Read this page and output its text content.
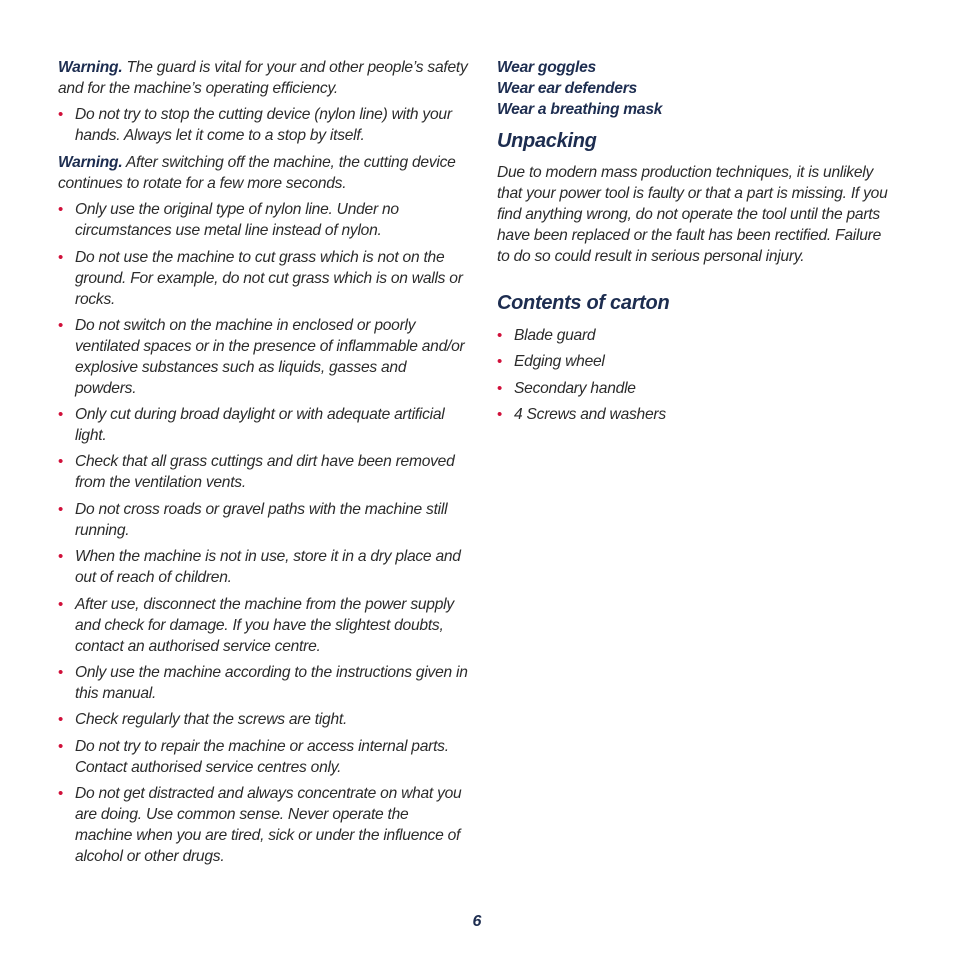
Warning. The guard is vital for your and other people’s safety and for the machine’s operating efficiency.

• Do not try to stop the cutting device (nylon line) with your hands. Always let it come to a stop by itself.

Warning. After switching off the machine, the cutting device continues to rotate for a few more seconds.

• Only use the original type of nylon line. Under no circumstances use metal line instead of nylon.
• Do not use the machine to cut grass which is not on the ground. For example, do not cut grass which is on walls or rocks.
• Do not switch on the machine in enclosed or poorly ventilated spaces or in the presence of inflammable and/or explosive substances such as liquids, gasses and powders.
• Only cut during broad daylight or with adequate artificial light.
• Check that all grass cuttings and dirt have been removed from the ventilation vents.
• Do not cross roads or gravel paths with the machine still running.
• When the machine is not in use, store it in a dry place and out of reach of children.
• After use, disconnect the machine from the power supply and check for damage. If you have the slightest doubts, contact an authorised service centre.
• Only use the machine according to the instructions given in this manual.
• Check regularly that the screws are tight.
• Do not try to repair the machine or access internal parts. Contact authorised service centres only.
• Do not get distracted and always concentrate on what you are doing. Use common sense. Never operate the machine when you are tired, sick or under the influence of alcohol or other drugs.
Wear goggles
Wear ear defenders
Wear a breathing mask
Unpacking

Due to modern mass production techniques, it is unlikely that your power tool is faulty or that a part is missing. If you find anything wrong, do not operate the tool until the parts have been replaced or the fault has been rectified. Failure to do so could result in serious personal injury.

Contents of carton
• Blade guard
• Edging wheel
• Secondary handle
• 4 Screws and washers
6
